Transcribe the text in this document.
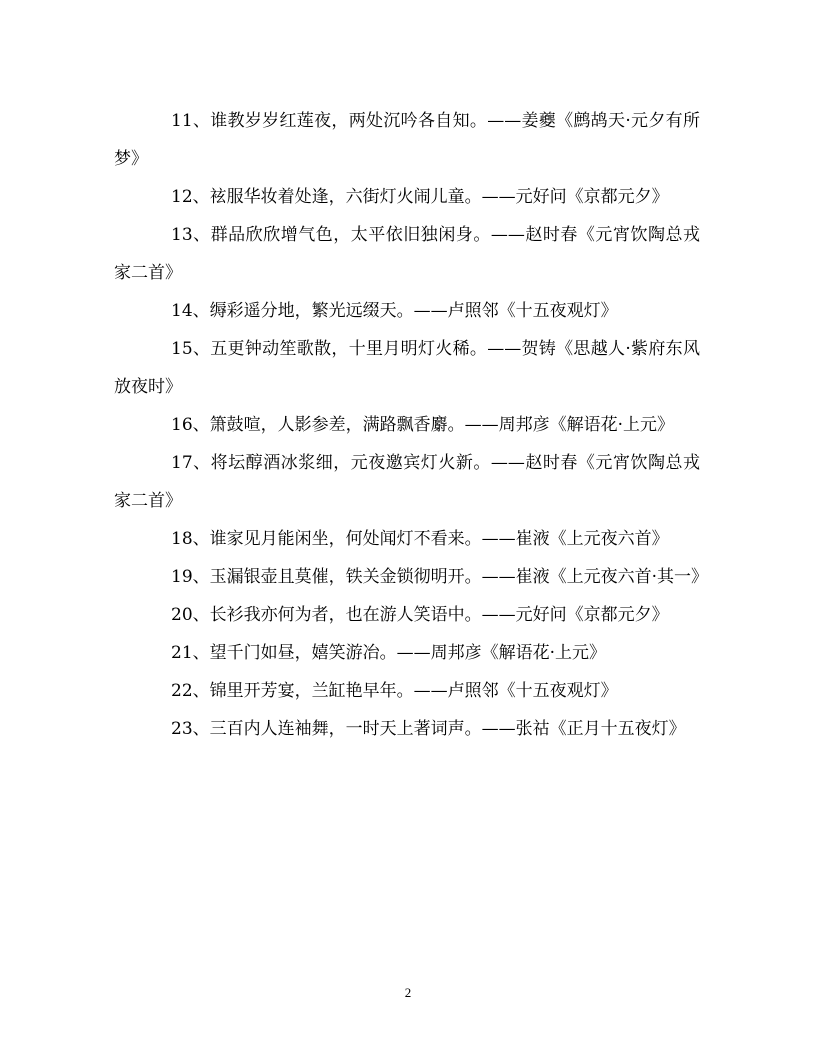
11、谁教岁岁红莲夜，两处沉吟各自知。——姜夔《鹧鸪天·元夕有所梦》

12、袨服华妆着处逢，六街灯火闹儿童。——元好问《京都元夕》

13、群品欣欣增气色，太平依旧独闲身。——赵时春《元宵饮陶总戎家二首》

14、缛彩遥分地，繁光远缀天。——卢照邻《十五夜观灯》

15、五更钟动笙歌散，十里月明灯火稀。——贺铸《思越人·紫府东风放夜时》

16、箫鼓喧，人影参差，满路飘香麝。——周邦彦《解语花·上元》

17、将坛醇酒冰浆细，元夜邀宾灯火新。——赵时春《元宵饮陶总戎家二首》

18、谁家见月能闲坐，何处闻灯不看来。——崔液《上元夜六首》

19、玉漏银壶且莫催，铁关金锁彻明开。——崔液《上元夜六首·其一》

20、长衫我亦何为者，也在游人笑语中。——元好问《京都元夕》

21、望千门如昼，嬉笑游冶。——周邦彦《解语花·上元》

22、锦里开芳宴，兰缸艳早年。——卢照邻《十五夜观灯》

23、三百内人连袖舞，一时天上著词声。——张祜《正月十五夜灯》

2
